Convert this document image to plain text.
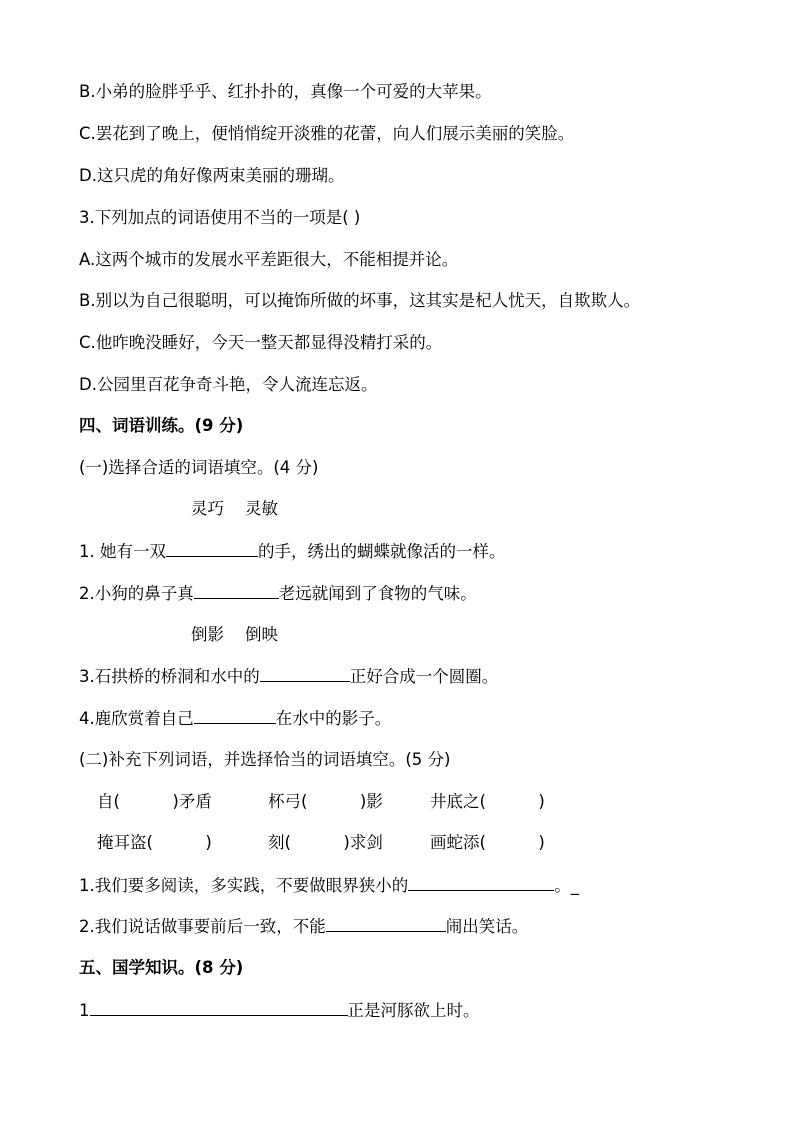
B.小弟的脸胖乎乎、红扑扑的，真像一个可爱的大苹果。
C.罢花到了晚上，便悄悄绽开淡雅的花蕾，向人们展示美丽的笑脸。
D.这只虎的角好像两束美丽的珊瑚。
3.下列加点的词语使用不当的一项是( )
A.这两个城市的发展水平差距很大，不能相提并论。
B.别以为自己很聪明，可以掩饰所做的坏事，这其实是杞人忧天，自欺欺人。
C.他昨晚没睡好，今天一整天都显得没精打采的。
D.公园里百花争奇斗艳，令人流连忘返。
四、词语训练。(9 分)
(一)选择合适的词语填空。(4 分)
灵巧    灵敏
1. 她有一双	的手，绣出的蝴蝶就像活的一样。
2.小狗的鼻子真	老远就闻到了食物的气味。
倒影    倒映
3.石拱桥的桥洞和水中的	正好合成一个圆圈。
4.鹿欣赏着自己	在水中的影子。
(二)补充下列词语，并选择恰当的词语填空。(5 分)
自(          )矛盾	杯弓(          )影	井底之(          )
掩耳盗(          )	刻(          )求剑	画蛇添(          )
1.我们要多阅读，多实践，不要做眼界狭小的	。_
2.我们说话做事要前后一致，不能	闹出笑话。
五、国学知识。(8 分)
1	正是河豚欲上时。
